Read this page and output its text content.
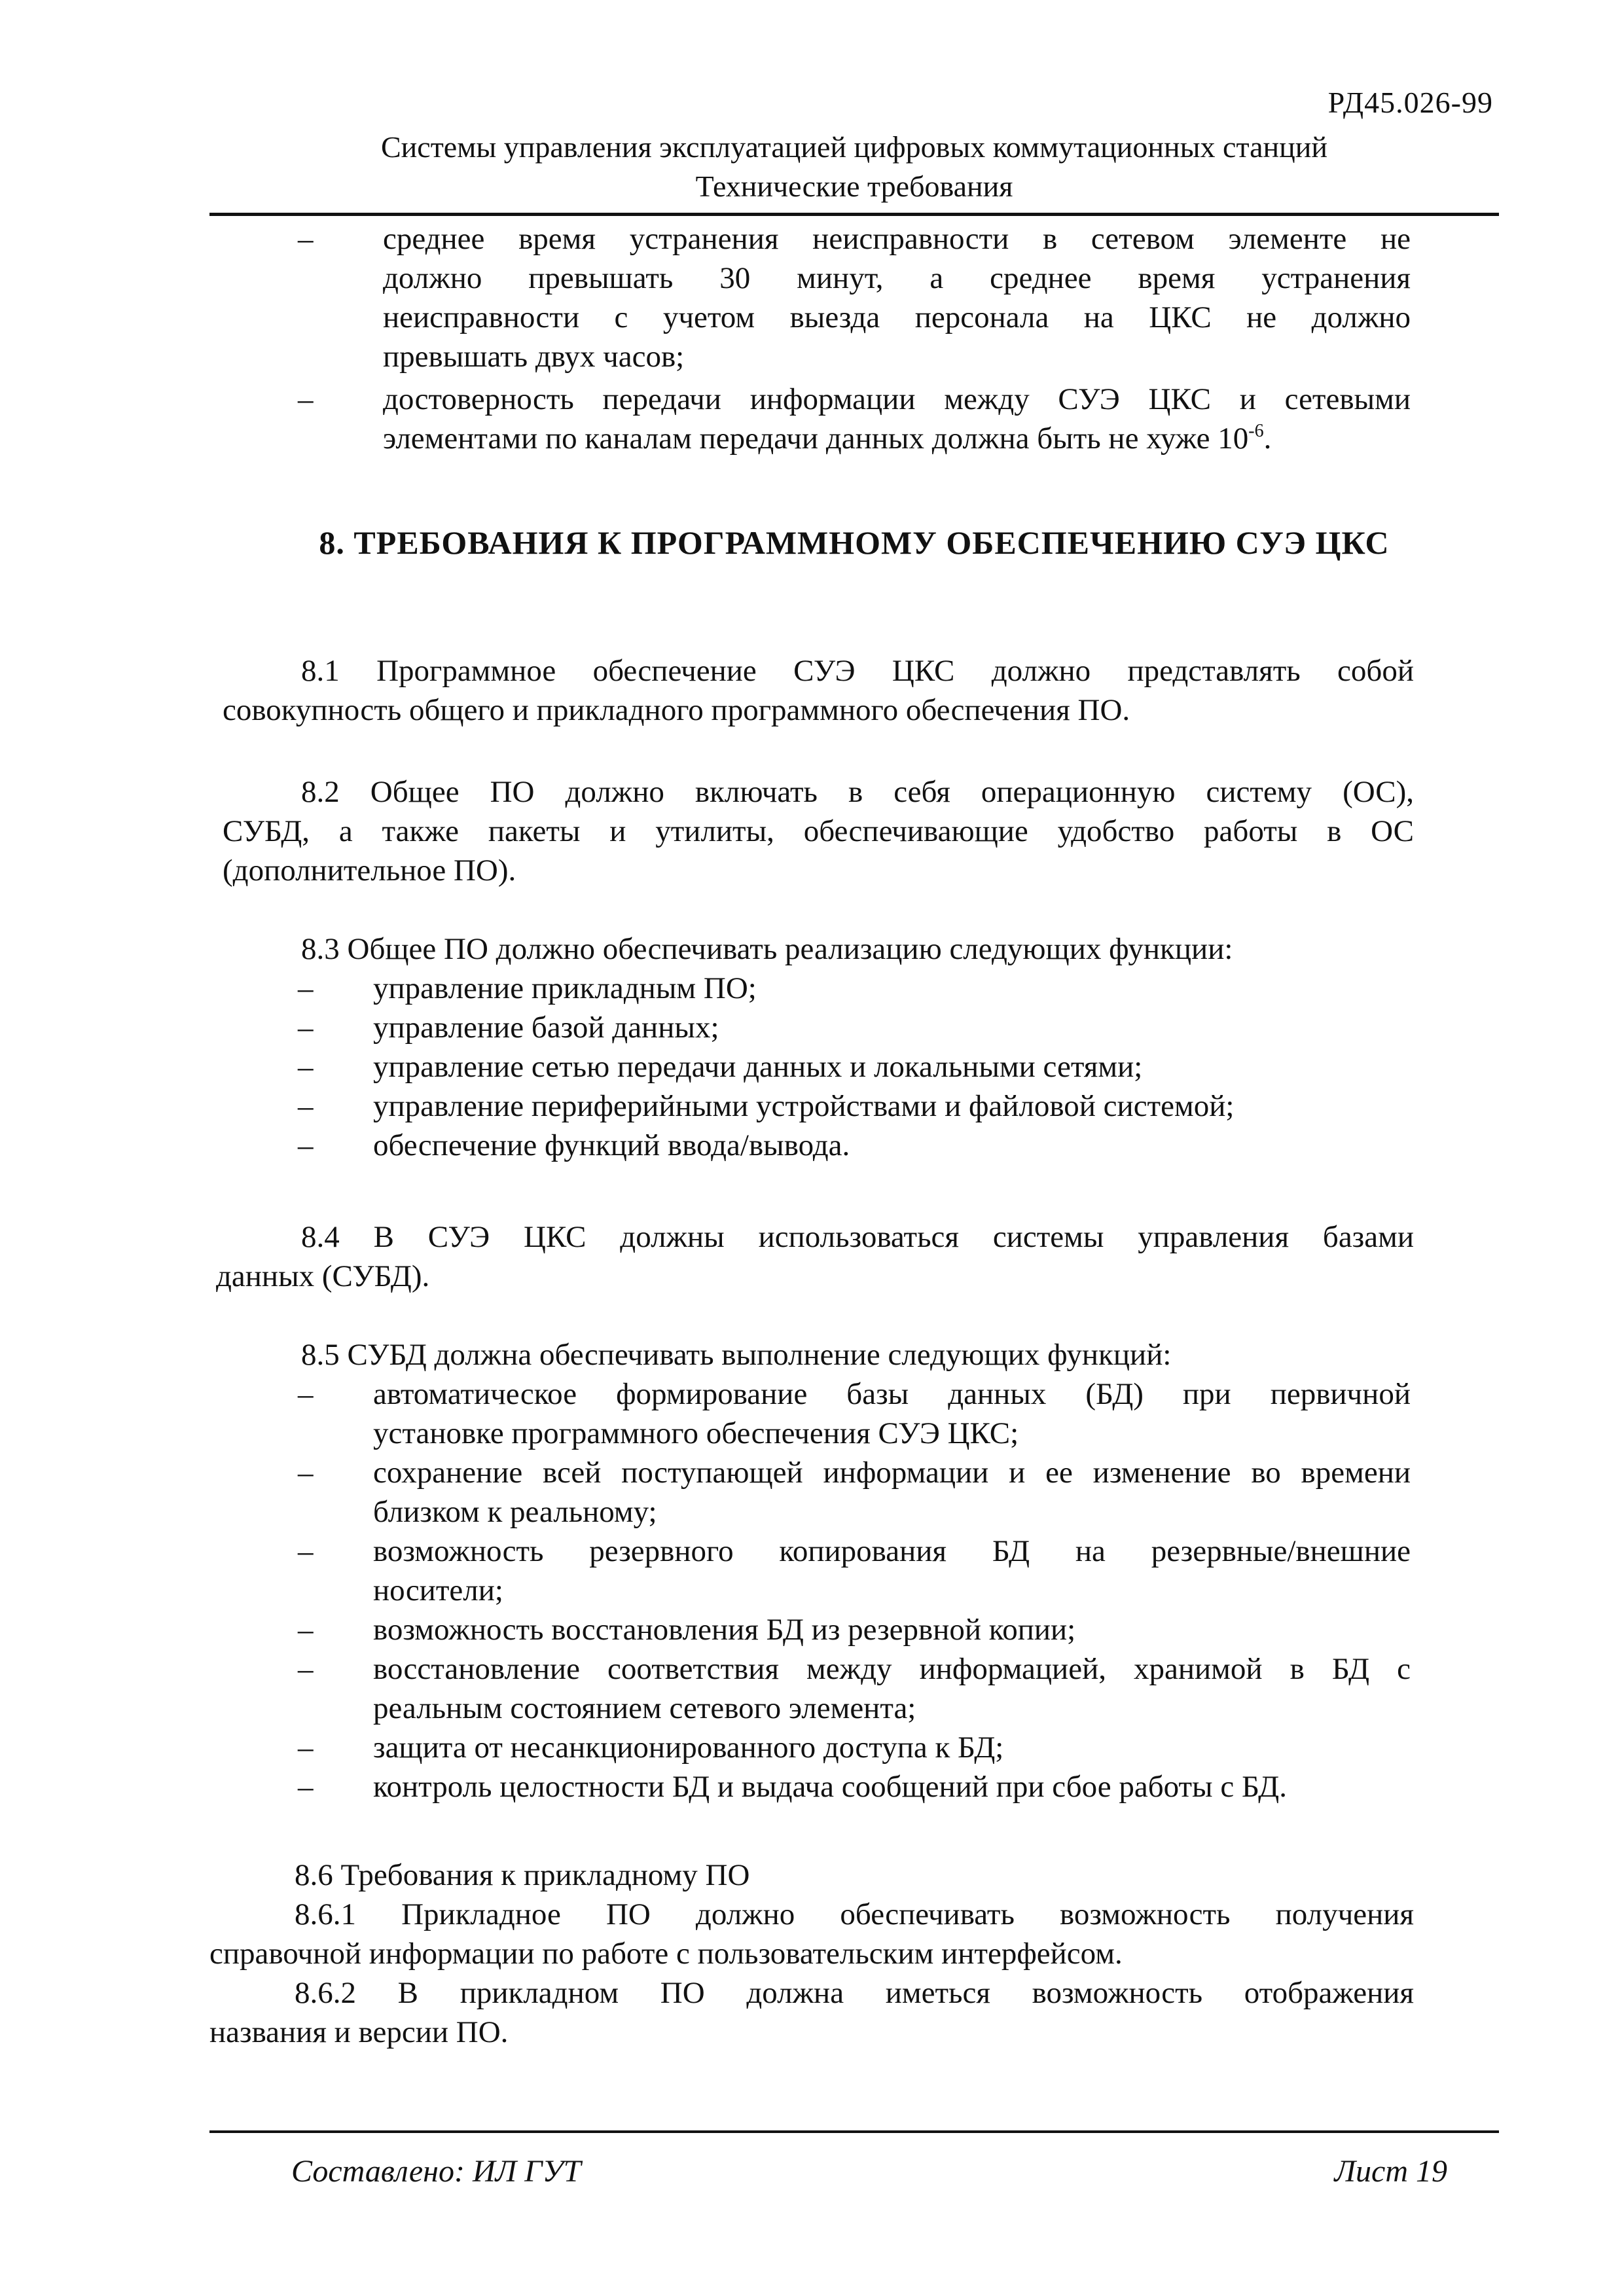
РД45.026-99
Системы управления эксплуатацией цифровых коммутационных станций
Технические требования
– среднее время устранения неисправности в сетевом элементе не
должно превышать 30 минут, а среднее время устранения
неисправности с учетом выезда персонала на ЦКС не должно
превышать двух часов;
– достоверность передачи информации между СУЭ ЦКС и сетевыми
элементами по каналам передачи данных должна быть не хуже $10^{-6}$.
8. ТРЕБОВАНИЯ К ПРОГРАММНОМУ ОБЕСПЕЧЕНИЮ СУЭ ЦКС
8.1 Программное обеспечение СУЭ ЦКС должно представлять собой
совокупность общего и прикладного программного обеспечения ПО.
8.2 Общее ПО должно включать в себя операционную систему (ОС),
СУБД, а также пакеты и утилиты, обеспечивающие удобство работы в ОС
(дополнительное ПО).
8.3 Общее ПО должно обеспечивать реализацию следующих функции:
– управление прикладным ПО;
– управление базой данных;
– управление сетью передачи данных и локальными сетями;
– управление периферийными устройствами и файловой системой;
– обеспечение функций ввода/вывода.
8.4 В СУЭ ЦКС должны использоваться системы управления базами
данных (СУБД).
8.5 СУБД должна обеспечивать выполнение следующих функций:
– автоматическое формирование базы данных (БД) при первичной
установке программного обеспечения СУЭ ЦКС;
– сохранение всей поступающей информации и ее изменение во времени
близком к реальному;
– возможность резервного копирования БД на резервные/внешние
носители;
– возможность восстановления БД из резервной копии;
– восстановление соответствия между информацией, хранимой в БД с
реальным состоянием сетевого элемента;
– защита от несанкционированного доступа к БД;
– контроль целостности БД и выдача сообщений при сбое работы с БД.
8.6 Требования к прикладному ПО
8.6.1 Прикладное ПО должно обеспечивать возможность получения
справочной информации по работе с пользовательским интерфейсом.
8.6.2 В прикладном ПО должна иметься возможность отображения
названия и версии ПО.
Составлено: ИЛ ГУТ	Лист 19
